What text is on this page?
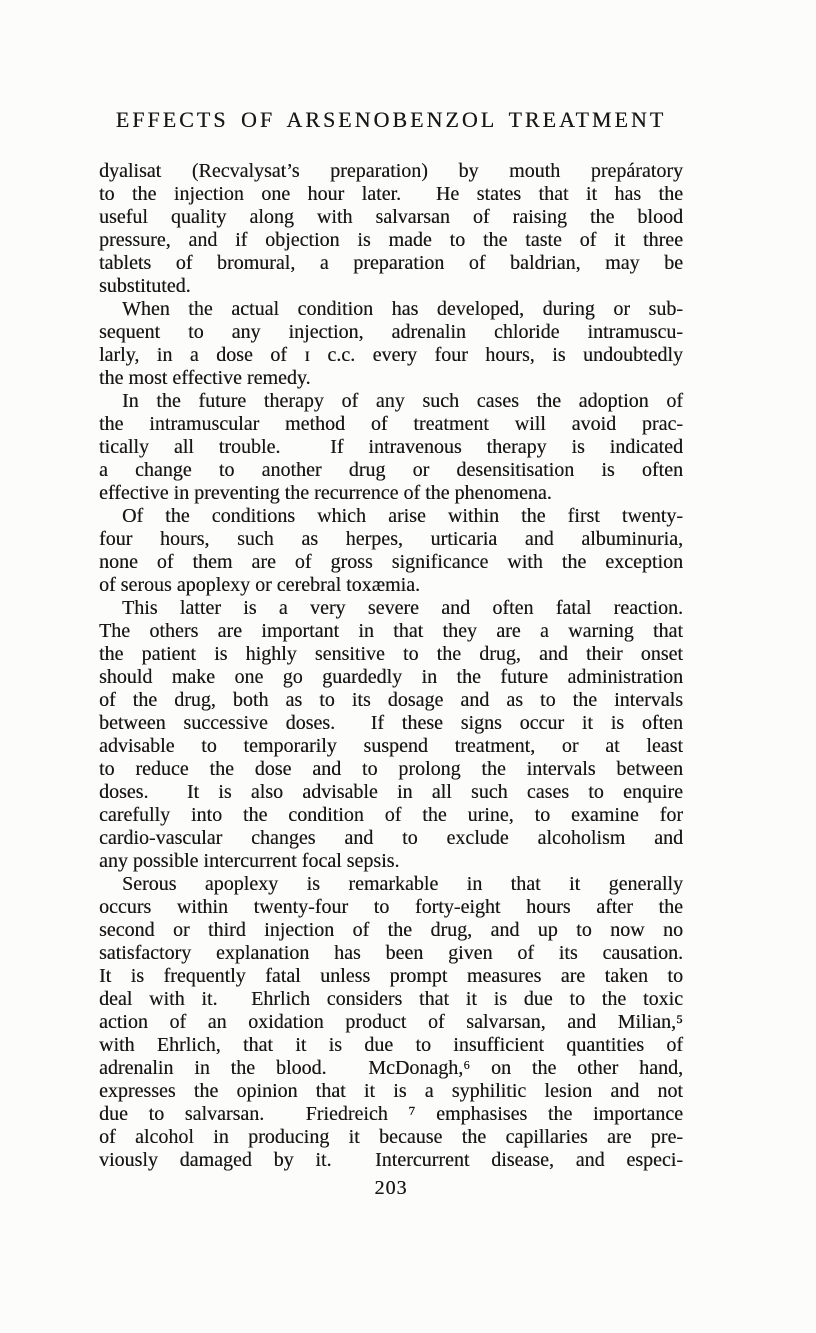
EFFECTS OF ARSENOBENZOL TREATMENT
dyalisat (Recvalysat’s preparation) by mouth prepáratory
to the injection one hour later.  He states that it has the
useful quality along with salvarsan of raising the blood
pressure, and if objection is made to the taste of it three
tablets of bromural, a preparation of baldrian, may be
substituted.
When the actual condition has developed, during or sub-
sequent to any injection, adrenalin chloride intramuscu-
larly, in a dose of ɪ c.c. every four hours, is undoubtedly
the most effective remedy.
In the future therapy of any such cases the adoption of
the intramuscular method of treatment will avoid prac-
tically all trouble.  If intravenous therapy is indicated
a change to another drug or desensitisation is often
effective in preventing the recurrence of the phenomena.
Of the conditions which arise within the first twenty-
four hours, such as herpes, urticaria and albuminuria,
none of them are of gross significance with the exception
of serous apoplexy or cerebral toxæmia.
This latter is a very severe and often fatal reaction.
The others are important in that they are a warning that
the patient is highly sensitive to the drug, and their onset
should make one go guardedly in the future administration
of the drug, both as to its dosage and as to the intervals
between successive doses.  If these signs occur it is often
advisable to temporarily suspend treatment, or at least
to reduce the dose and to prolong the intervals between
doses.  It is also advisable in all such cases to enquire
carefully into the condition of the urine, to examine for
cardio-vascular changes and to exclude alcoholism and
any possible intercurrent focal sepsis.
Serous apoplexy is remarkable in that it generally
occurs within twenty-four to forty-eight hours after the
second or third injection of the drug, and up to now no
satisfactory explanation has been given of its causation.
It is frequently fatal unless prompt measures are taken to
deal with it.  Ehrlich considers that it is due to the toxic
action of an oxidation product of salvarsan, and Milian,⁵
with Ehrlich, that it is due to insufficient quantities of
adrenalin in the blood.  McDonagh,⁶ on the other hand,
expresses the opinion that it is a syphilitic lesion and not
due to salvarsan.  Friedreich ⁷ emphasises the importance
of alcohol in producing it because the capillaries are pre-
viously damaged by it.  Intercurrent disease, and especi-
203
